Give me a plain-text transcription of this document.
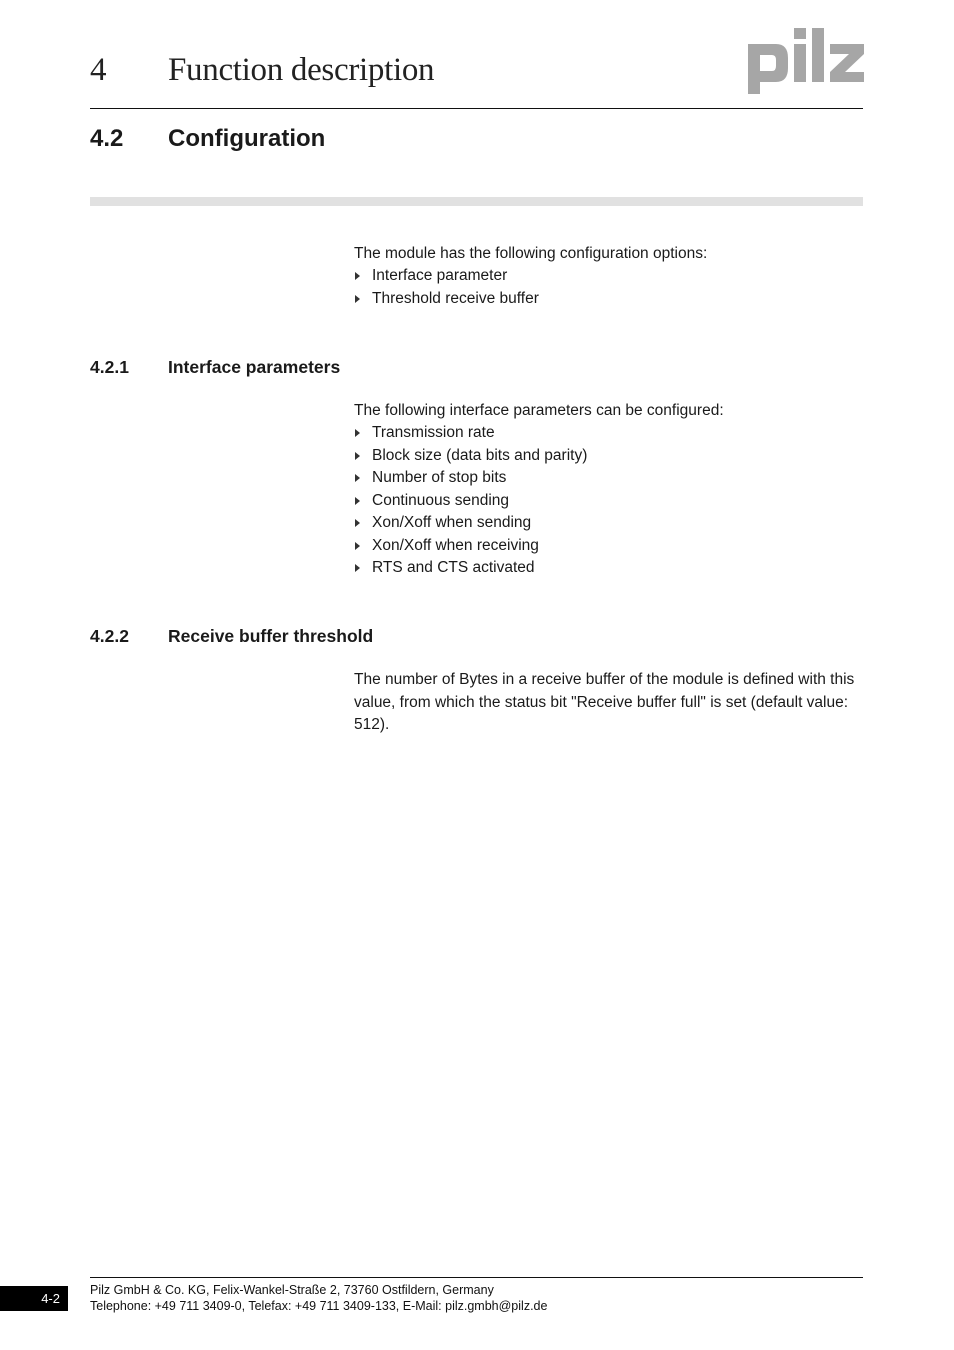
4 Function description
4.2 Configuration

The module has the following configuration options:

Interface parameter
Threshold receive buffer
4.2.1 Interface parameters

The following interface parameters can be configured:

Transmission rate
Block size (data bits and parity)
Number of stop bits
Continuous sending
Xon/Xoff when sending
Xon/Xoff when receiving
RTS and CTS activated
4.2.2 Receive buffer threshold

The number of Bytes in a receive buffer of the module is defined with this value, from which the status bit "Receive buffer full" is set (default value: 512).

4-2
Pilz GmbH & Co. KG, Felix-Wankel-Straße 2, 73760 Ostfildern, Germany
Telephone: +49 711 3409-0, Telefax: +49 711 3409-133, E-Mail: pilz.gmbh@pilz.de
